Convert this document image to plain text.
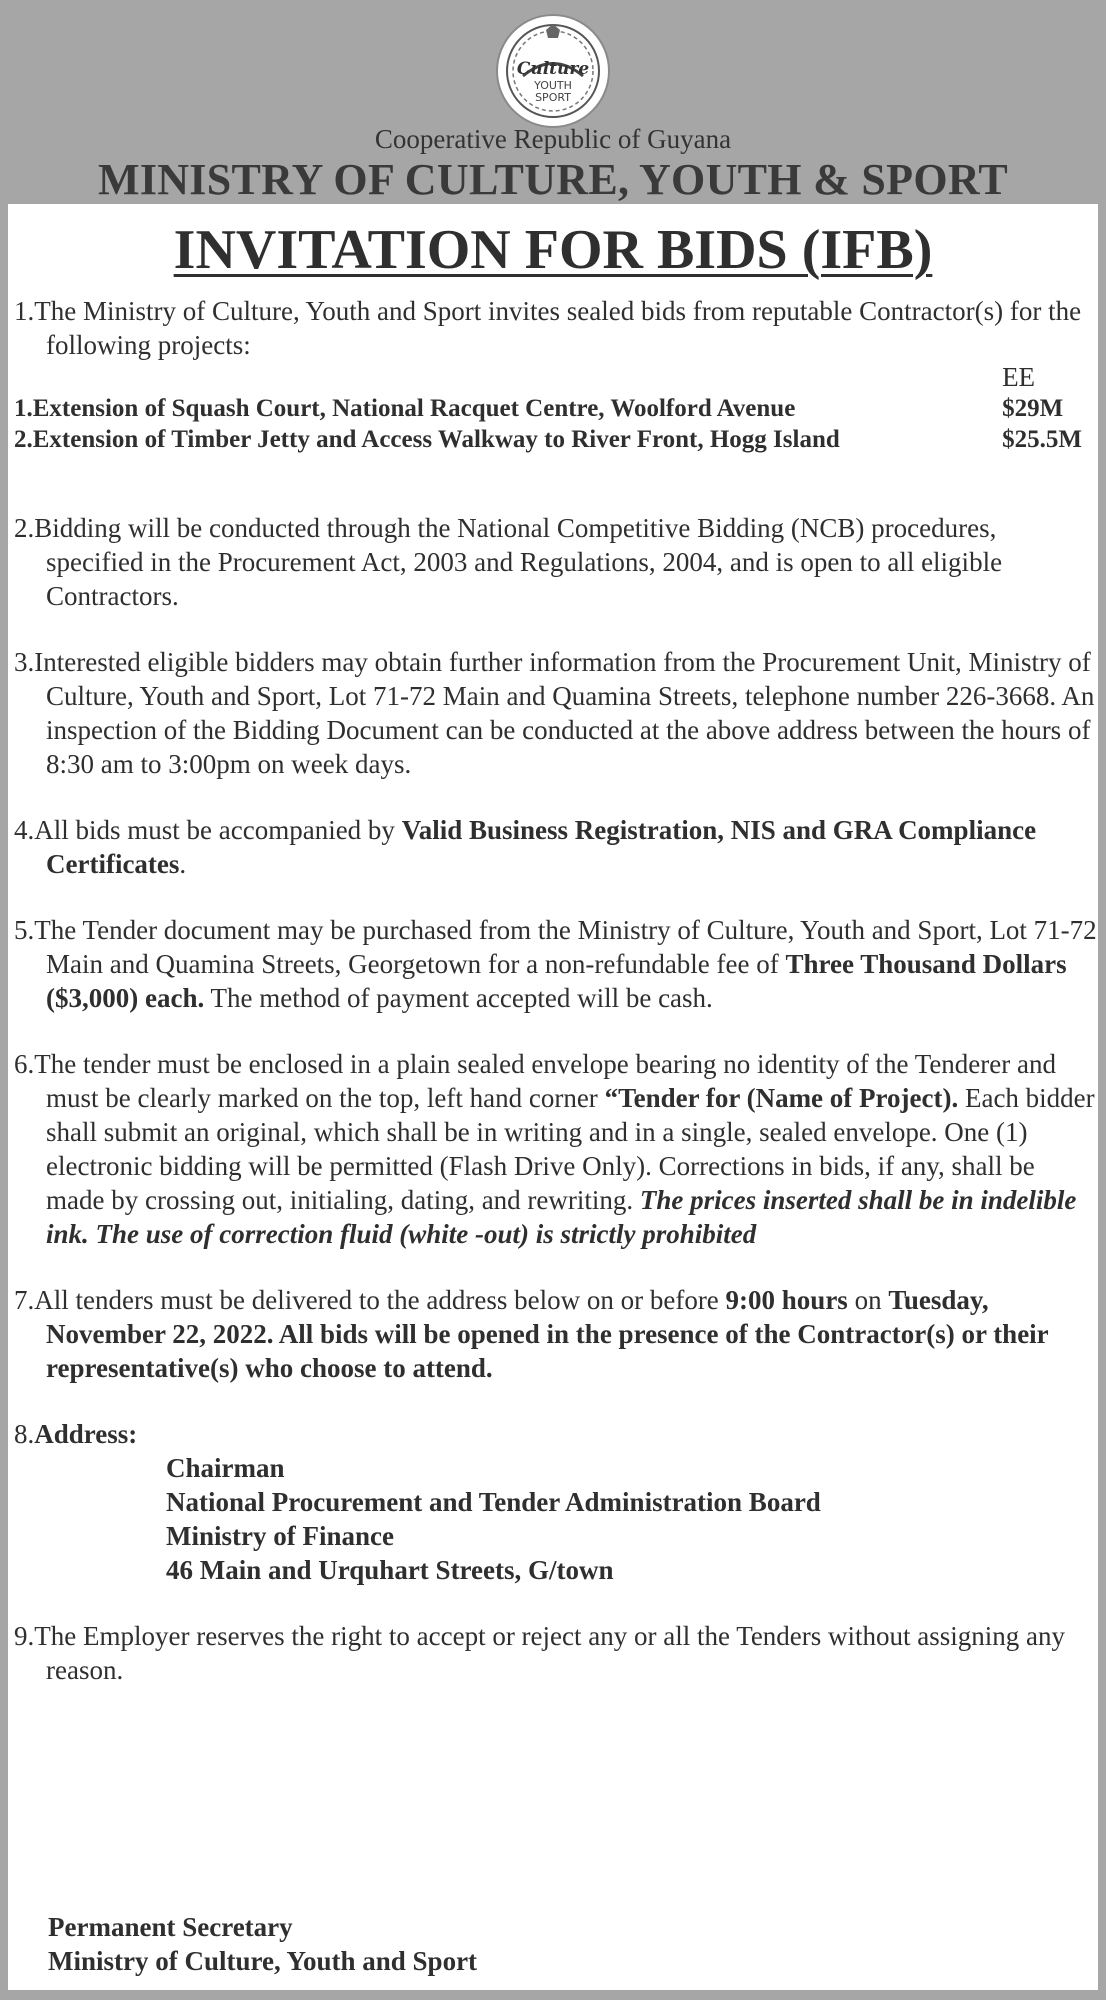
Culture
YOUTH
SPORT
Cooperative Republic of Guyana
MINISTRY OF CULTURE, YOUTH & SPORT
INVITATION FOR BIDS (IFB)

1.The Ministry of Culture, Youth and Sport invites sealed bids from reputable Contractor(s) for the following projects:

	EE
1.Extension of Squash Court, National Racquet Centre, Woolford Avenue	$29M
2.Extension of Timber Jetty and Access Walkway to River Front, Hogg Island	$25.5M

2.Bidding will be conducted through the National Competitive Bidding (NCB) procedures, specified in the Procurement Act, 2003 and Regulations, 2004, and is open to all eligible Contractors.

3.Interested eligible bidders may obtain further information from the Procurement Unit, Ministry of Culture, Youth and Sport, Lot 71-72 Main and Quamina Streets, telephone number 226-3668. An inspection of the Bidding Document can be conducted at the above address between the hours of 8:30 am to 3:00pm on week days.

4.All bids must be accompanied by Valid Business Registration, NIS and GRA Compliance Certificates.

5.The Tender document may be purchased from the Ministry of Culture, Youth and Sport, Lot 71-72 Main and Quamina Streets, Georgetown for a non-refundable fee of Three Thousand Dollars ($3,000) each. The method of payment accepted will be cash.

6.The tender must be enclosed in a plain sealed envelope bearing no identity of the Tenderer and must be clearly marked on the top, left hand corner “Tender for (Name of Project). Each bidder shall submit an original, which shall be in writing and in a single, sealed envelope. One (1) electronic bidding will be permitted (Flash Drive Only). Corrections in bids, if any, shall be made by crossing out, initialing, dating, and rewriting. The prices inserted shall be in indelible ink. The use of correction fluid (white -out) is strictly prohibited

7.All tenders must be delivered to the address below on or before 9:00 hours on Tuesday, November 22, 2022. All bids will be opened in the presence of the Contractor(s) or their representative(s) who choose to attend.

8.Address:

Chairman

National Procurement and Tender Administration Board

Ministry of Finance

46 Main and Urquhart Streets, G/town

9.The Employer reserves the right to accept or reject any or all the Tenders without assigning any reason.

Permanent Secretary
Ministry of Culture, Youth and Sport
